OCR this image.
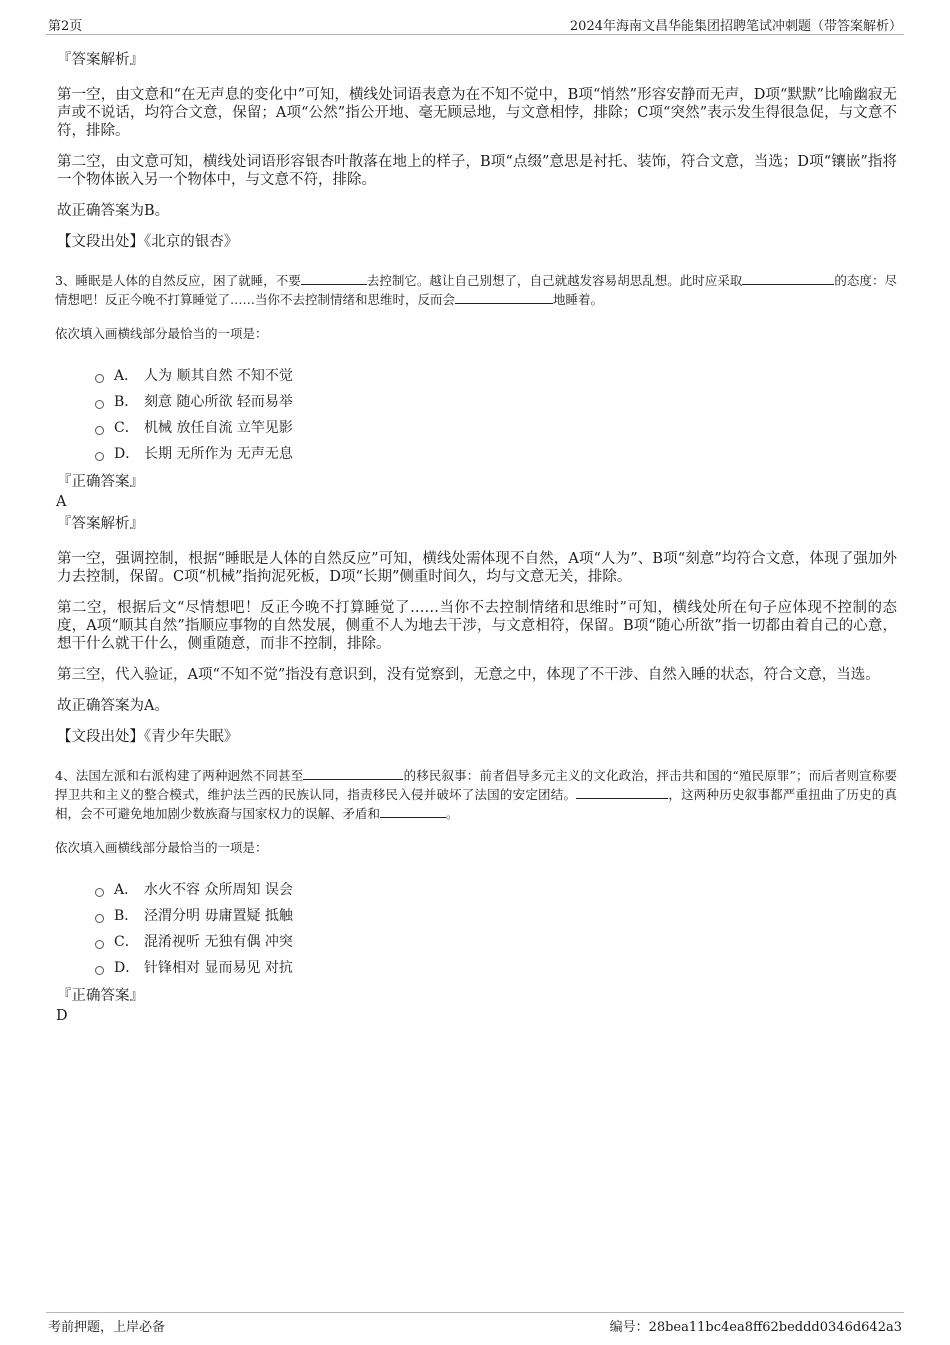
第2页	2024年海南文昌华能集团招聘笔试冲刺题（带答案解析）
『答案解析』

第一空，由文意和“在无声息的变化中”可知，横线处词语表意为在不知不觉中，B项“悄然”形容安静而无声，D项“默默”比喻幽寂无声或不说话，均符合文意，保留；A项“公然”指公开地、毫无顾忌地，与文意相悖，排除；C项“突然”表示发生得很急促，与文意不符，排除。

第二空，由文意可知，横线处词语形容银杏叶散落在地上的样子，B项“点缀”意思是衬托、装饰，符合文意，当选；D项“镶嵌”指将一个物体嵌入另一个物体中，与文意不符，排除。

故正确答案为B。

【文段出处】《北京的银杏》

3、睡眠是人体的自然反应，困了就睡，不要	去控制它。越让自己别想了，自己就越发容易胡思乱想。此时应采取	的态度：尽情想吧！反正今晚不打算睡觉了……当你不去控制情绪和思维时，反而会	地睡着。

依次填入画横线部分最恰当的一项是：

A． 人为 顺其自然 不知不觉
B． 刻意 随心所欲 轻而易举
C． 机械 放任自流 立竿见影
D． 长期 无所作为 无声无息
『正确答案』
A
『答案解析』

第一空，强调控制，根据“睡眠是人体的自然反应”可知，横线处需体现不自然，A项“人为”、B项“刻意”均符合文意，体现了强加外力去控制，保留。C项“机械”指拘泥死板，D项“长期”侧重时间久，均与文意无关，排除。

第二空，根据后文“尽情想吧！反正今晚不打算睡觉了……当你不去控制情绪和思维时”可知，横线处所在句子应体现不控制的态度，A项“顺其自然”指顺应事物的自然发展，侧重不人为地去干涉，与文意相符，保留。B项“随心所欲”指一切都由着自己的心意，想干什么就干什么，侧重随意，而非不控制，排除。

第三空，代入验证，A项“不知不觉”指没有意识到，没有觉察到，无意之中，体现了不干涉、自然入睡的状态，符合文意，当选。

故正确答案为A。

【文段出处】《青少年失眠》

4、法国左派和右派构建了两种迥然不同甚至	的移民叙事：前者倡导多元主义的文化政治，抨击共和国的“殖民原罪”；而后者则宣称要捍卫共和主义的整合模式，维护法兰西的民族认同，指责移民入侵并破坏了法国的安定团结。	，这两种历史叙事都严重扭曲了历史的真相，会不可避免地加剧少数族裔与国家权力的误解、矛盾和	。

依次填入画横线部分最恰当的一项是：

A． 水火不容 众所周知 误会
B． 泾渭分明 毋庸置疑 抵触
C． 混淆视听 无独有偶 冲突
D． 针锋相对 显而易见 对抗
『正确答案』
D
考前押题，上岸必备	编号：28bea11bc4ea8ff62beddd0346d642a3
